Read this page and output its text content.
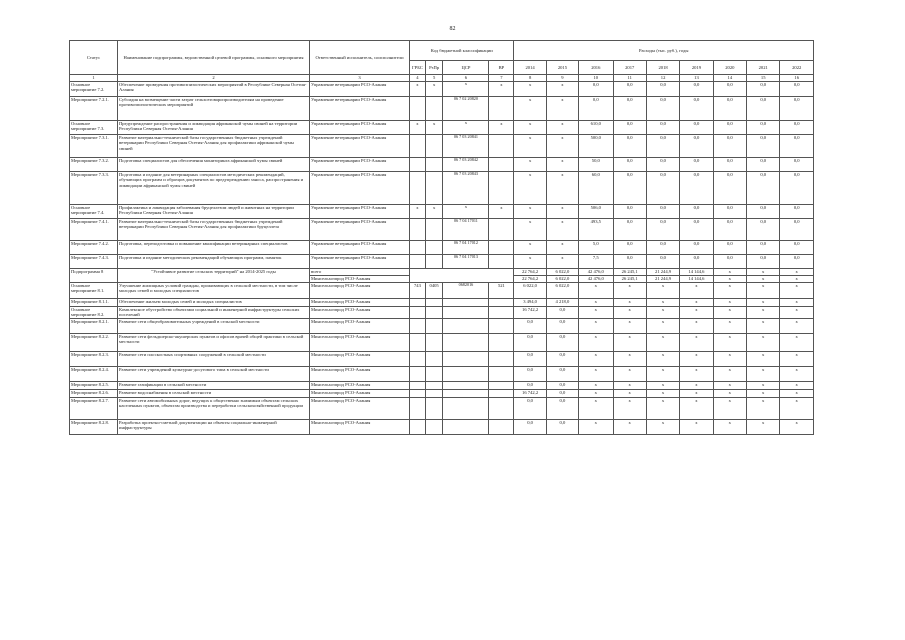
82
Статус	Наименование подпрограммы, ведомственной целевой программы, основного мероприятия	Ответственный исполнитель, соисполнители	Код бюджетной классификации				Расходы (тыс. руб.), годы								
			ГРБС	РзПр	ЦСР	ВР	2014	2015	2016	2017	2018	2019	2020	2021	2022
1	2	3	4	5	6	7	8	9	10	11	12	13	14	15	16
Основное мероприятие 7.2.	Обеспечение проведения противоэпизоотических мероприятий в Республике Северная Осетия-Алания	Управление ветеринарии РСО-Алания	x	x	x	x	x	x	0,0	0,0	0,0	0,0	0,0	0,0	0,0
Мероприятие 7.2.1.	Субсидия на возмещение части затрат сельхозтоваропроизводителям на проведение противоэпизоотических мероприятий	Управление ветеринарии РСО-Алания			06 7 02 20820		x	x	0,0	0,0	0,0	0,0	0,0	0,0	0,0
Основное мероприятие 7.3.	Предупреждение распространения и ликвидация африканской чумы свиней на территории Республики Северная Осетия-Алания	Управление ветеринарии РСО-Алания	x	x	x	x	x	x	610,0	0,0	0,0	0,0	0,0	0,0	0,0
Мероприятие 7.3.1.	Развитие материально-технической базы государственных бюджетных учреждений ветеринарии Республики Северная Осетия-Алания для профилактики африканской чумы свиней	Управление ветеринарии РСО-Алания			06 7 03 20841		x	x	500,0	0,0	0,0	0,0	0,0	0,0	0,0
Мероприятие 7.3.2.	Подготовка специалистов для обеспечения мониторинга африканской чумы свиней	Управление ветеринарии РСО-Алания			06 7 03 20842		x	x	50,0	0,0	0,0	0,0	0,0	0,0	0,0
Мероприятие 7.3.3.	Подготовка и издание для ветеринарных специалистов методических рекомендаций, обучающих программ и образцов документов по предупреждению заноса, распространения и ликвидации африканской чумы свиней	Управление ветеринарии РСО-Алания			06 7 03 20843		x	x	60,0	0,0	0,0	0,0	0,0	0,0	0,0
Основное мероприятие 7.4.	Профилактика и ликвидация заболевания бруцеллезом людей и животных на территории Республики Северная Осетия-Алания	Управление ветеринарии РСО-Алания	x	x	x	x	x	x	506,0	0,0	0,0	0,0	0,0	0,0	0,0
Мероприятие 7.4.1.	Развитие материально-технической базы государственных бюджетных учреждений ветеринарии Республики Северная Осетия-Алания для профилактики бруцеллеза	Управление ветеринарии РСО-Алания			06 7 04 17011		x	x	493,5	0,0	0,0	0,0	0,0	0,0	0,0
Мероприятие 7.4.2.	Подготовка, переподготовка и повышение квалификации ветеринарных специалистов	Управление ветеринарии РСО-Алания			06 7 04 17012		x	x	5,0	0,0	0,0	0,0	0,0	0,0	0,0
Мероприятие 7.4.3.	Подготовка и издание методических рекомендаций обучающих программ, памяток	Управление ветеринарии РСО-Алания			06 7 04 17013		x	x	7,5	0,0	0,0	0,0	0,0	0,0	0,0
Подпрограмма 8	"Устойчивое развитие сельских территорий" на 2014-2025 годы	всего					22 764,2	6 022,0	42 476,0	26 245,1	21 244,9	14 144,6	x	x	x
		Минсельхозпрод РСО-Алания					22 764,2	6 022,0	42 476,0	26 245,1	21 244,9	14 144,6	x	x	x
Основное мероприятие 8.1.	Улучшение жилищных условий граждан, проживающих в сельской местности, в том числе молодых семей и молодых специалистов	Минсельхозпрод РСО-Алания	743	0405	0682016	521	6 022,0	6 022,0	x	x	x	x	x	x	x
Мероприятие 8.1.1.	Обеспечение жильем молодых семей и молодых специалистов	Минсельхозпрод РСО-Алания					3 494,0	4 218,0	x	x	x	x	x	x	x
Основное мероприятие 8.2.	Комплексное обустройство объектами социальной и инженерной инфраструктуры сельских поселений	Минсельхозпрод РСО-Алания					16 742,2	0,0	x	x	x	x	x	x	x
Мероприятие 8.2.1.	Развитие сети общеобразовательных учреждений в сельской местности	Минсельхозпрод РСО-Алания					0,0	0,0	x	x	x	x	x	x	x
Мероприятие 8.2.2.	Развитие сети фельдшерско-акушерских пунктов и офисов врачей общей практики в сельской местности	Минсельхозпрод РСО-Алания					0,0	0,0	x	x	x	x	x	x	x
Мероприятие 8.2.3.	Развитие сети плоскостных спортивных сооружений в сельской местности	Минсельхозпрод РСО-Алания					0,0	0,0	x	x	x	x	x	x	x
Мероприятие 8.2.4.	Развитие сети учреждений культурно-досугового типа в сельской местности	Минсельхозпрод РСО-Алания					0,0	0,0	x	x	x	x	x	x	x
Мероприятие 8.2.5.	Развитие газификации в сельской местности	Минсельхозпрод РСО-Алания					0,0	0,0	x	x	x	x	x	x	x
Мероприятие 8.2.6.	Развитие водоснабжения в сельской местности	Минсельхозпрод РСО-Алания					16 742,2	0,0	x	x	x	x	x	x	x
Мероприятие 8.2.7.	Развитие сети автомобильных дорог, ведущих к общественно значимым объектам сельских населенных пунктов, объектам производства и переработки сельскохозяйственной продукции	Минсельхозпрод РСО-Алания					0,0	0,0	x	x	x	x	x	x	x
Мероприятие 8.2.8.	Разработка проектно-сметной документации на объекты социально-инженерной инфраструктуры	Минсельхозпрод РСО-Алания					0,0	0,0	x	x	x	x	x	x	x
